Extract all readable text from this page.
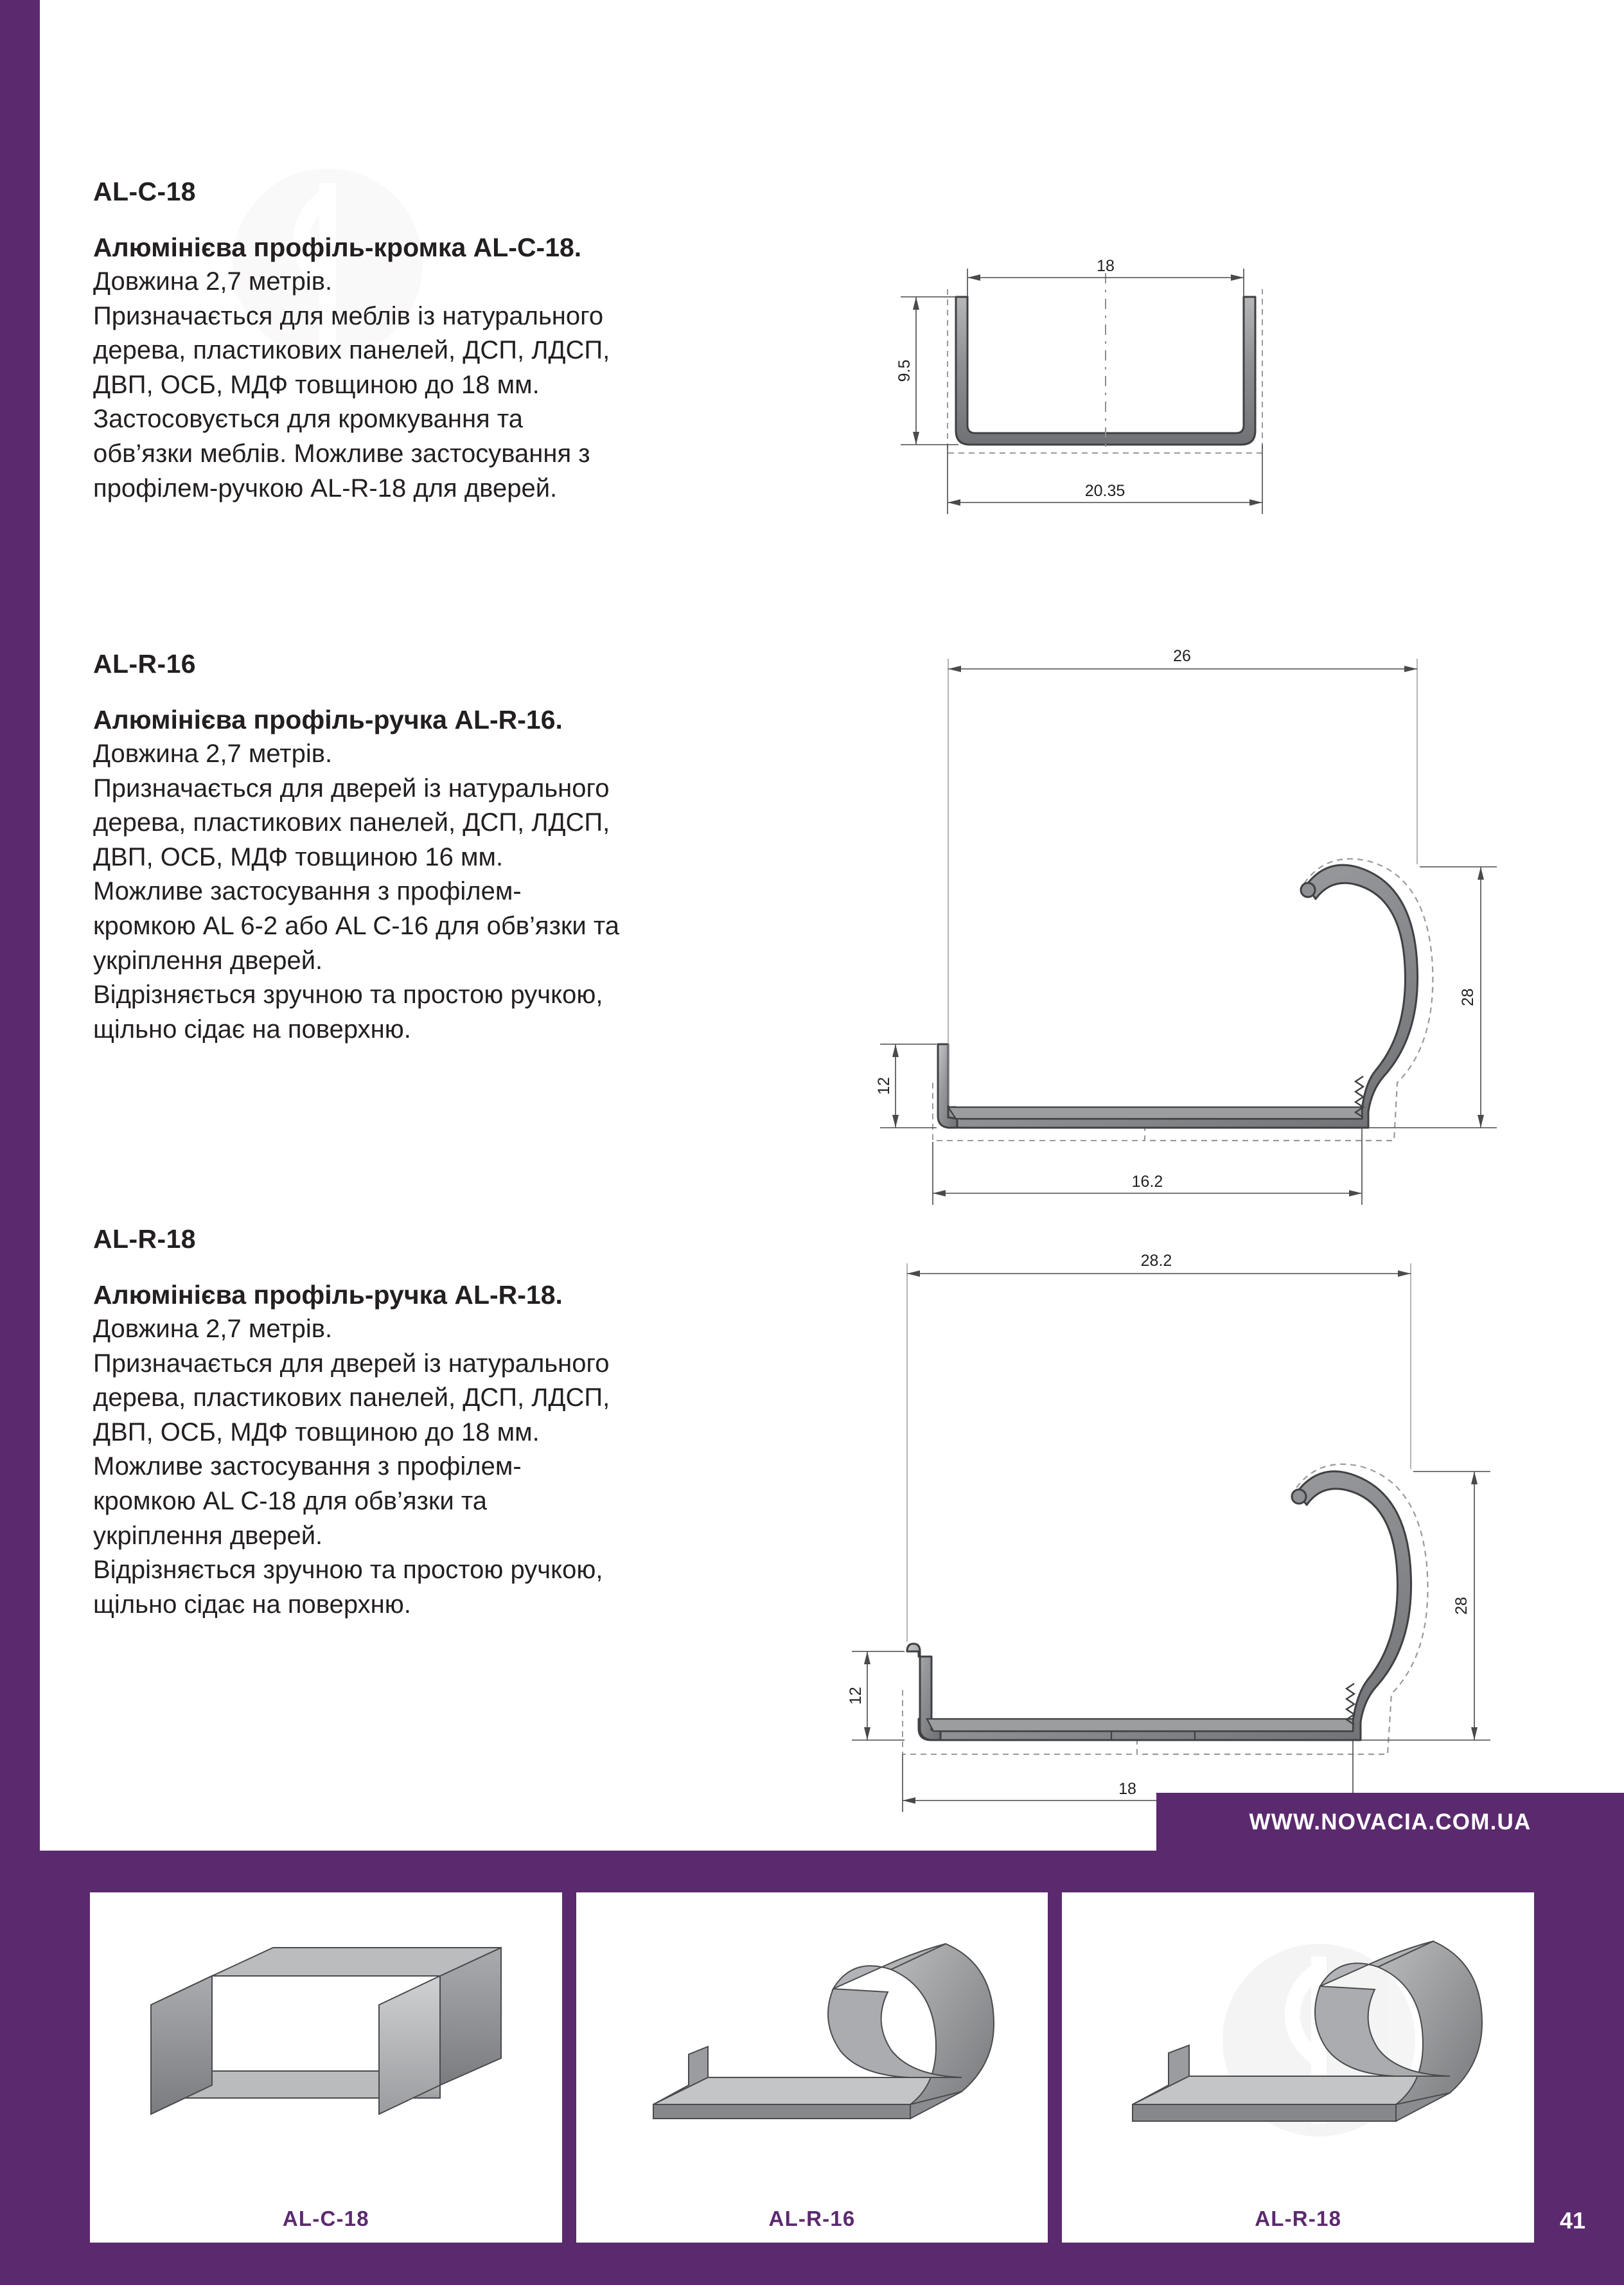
AL-C-18
Алюмінієва профіль-кромка AL-C-18.

Довжина 2,7 метрів.

Призначається для меблів із натурального

дерева, пластикових панелей, ДСП, ЛДСП,

ДВП, ОСБ, МДФ товщиною до 18 мм.

Застосовується для кромкування та

обв’язки меблів. Можливе застосування з

профілем-ручкою AL-R-18 для дверей.

18
9.5
20.35
AL-R-16
Алюмінієва профіль-ручка AL-R-16.

Довжина 2,7 метрів.

Призначається для дверей із натурального

дерева, пластикових панелей, ДСП, ЛДСП,

ДВП, ОСБ, МДФ товщиною 16 мм.

Можливе застосування з профілем-

кромкою AL 6-2 або AL C-16 для обв’язки та

укріплення дверей.

Відрізняється зручною та простою ручкою,

щільно сідає на поверхню.

26
28
12
16.2
AL-R-18
Алюмінієва профіль-ручка AL-R-18.

Довжина 2,7 метрів.

Призначається для дверей із натурального

дерева, пластикових панелей, ДСП, ЛДСП,

ДВП, ОСБ, МДФ товщиною до 18 мм.

Можливе застосування з профілем-

кромкою AL C-18 для обв’язки та

укріплення дверей.

Відрізняється зручною та простою ручкою,

щільно сідає на поверхню.

28.2
28
12
18
WWW.NOVACIA.COM.UA
AL-C-18	AL-R-16	AL-R-18	41
